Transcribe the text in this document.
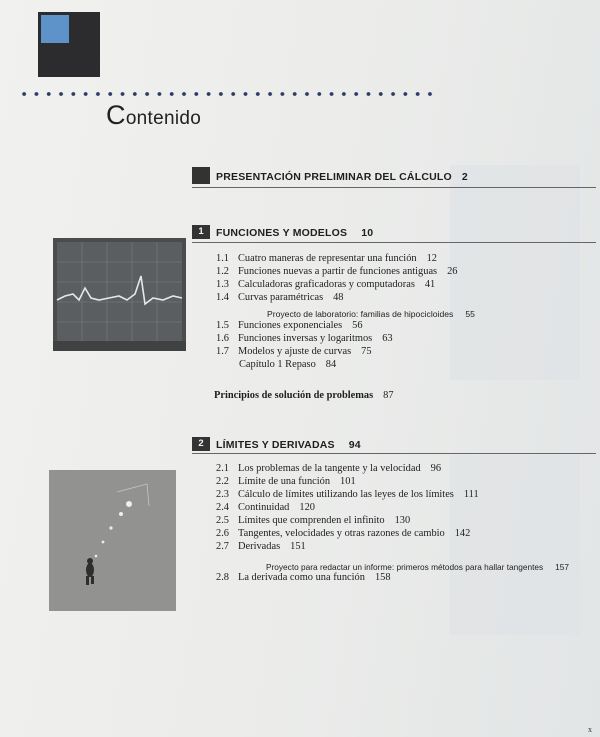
Contenido
PRESENTACIÓN PRELIMINAR DEL CÁLCULO 2
1	FUNCIONES Y MODELOS 10
1.1 Cuatro maneras de representar una función 12
1.2 Funciones nuevas a partir de funciones antiguas 26
1.3 Calculadoras graficadoras y computadoras 41
1.4 Curvas paramétricas 48
Proyecto de laboratorio: familias de hipocicloides 55
1.5 Funciones exponenciales 56
1.6 Funciones inversas y logaritmos 63
1.7 Modelos y ajuste de curvas 75
Capítulo 1 Repaso 84
Principios de solución de problemas 87
2	LÍMITES Y DERIVADAS 94
2.1 Los problemas de la tangente y la velocidad 96
2.2 Límite de una función 101
2.3 Cálculo de límites utilizando las leyes de los límites 111
2.4 Continuidad 120
2.5 Límites que comprenden el infinito 130
2.6 Tangentes, velocidades y otras razones de cambio 142
2.7 Derivadas 151
Proyecto para redactar un informe: primeros métodos para hallar tangentes 157
2.8 La derivada como una función 158
x
